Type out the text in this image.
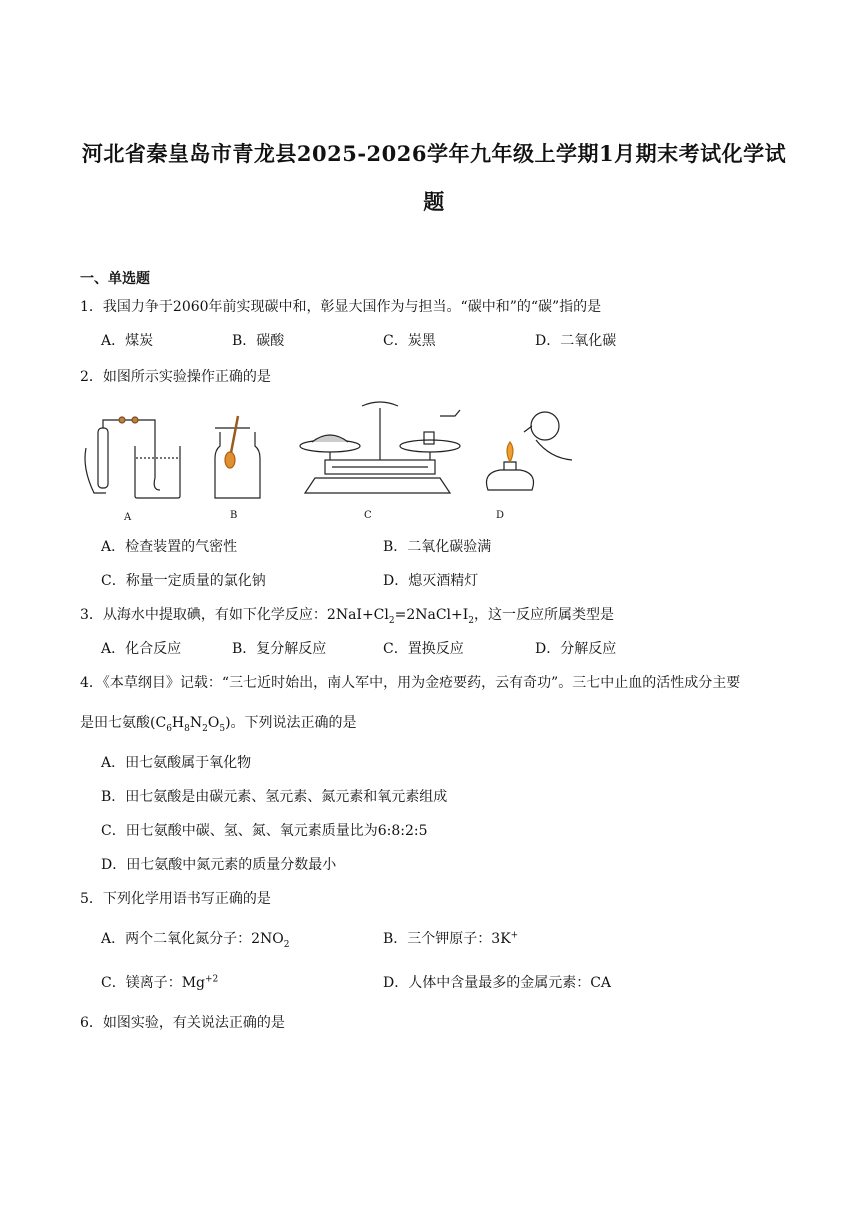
河北省秦皇岛市青龙县2025-2026学年九年级上学期1月期末考试化学试
题
一、单选题
1．我国力争于2060年前实现碳中和，彰显大国作为与担当。“碳中和”的“碳”指的是
A．煤炭	B．碳酸	C．炭黑	D．二氧化碳
2．如图所示实验操作正确的是
A	B	C	D
A．检查装置的气密性	B．二氧化碳验满
C．称量一定质量的氯化钠	D．熄灭酒精灯
3．从海水中提取碘，有如下化学反应：$2NaI+Cl_2=2NaCl+I_2$，这一反应所属类型是
A．化合反应	B．复分解反应	C．置换反应	D．分解反应
4．《本草纲目》记载：“三七近时始出，南人军中，用为金疮要药，云有奇功”。三七中止血的活性成分主要
是田七氨酸$(C_6H_8N_2O_5)$。下列说法正确的是
A．田七氨酸属于氧化物
B．田七氨酸是由碳元素、氢元素、氮元素和氧元素组成
C．田七氨酸中碳、氢、氮、氧元素质量比为6:8:2:5
D．田七氨酸中氮元素的质量分数最小
5．下列化学用语书写正确的是
A．两个二氧化氮分子：$2NO_2$	B．三个钾原子：3K+
C．镁离子：$Mg^{+2}$	D．人体中含量最多的金属元素：CA
6．如图实验，有关说法正确的是
